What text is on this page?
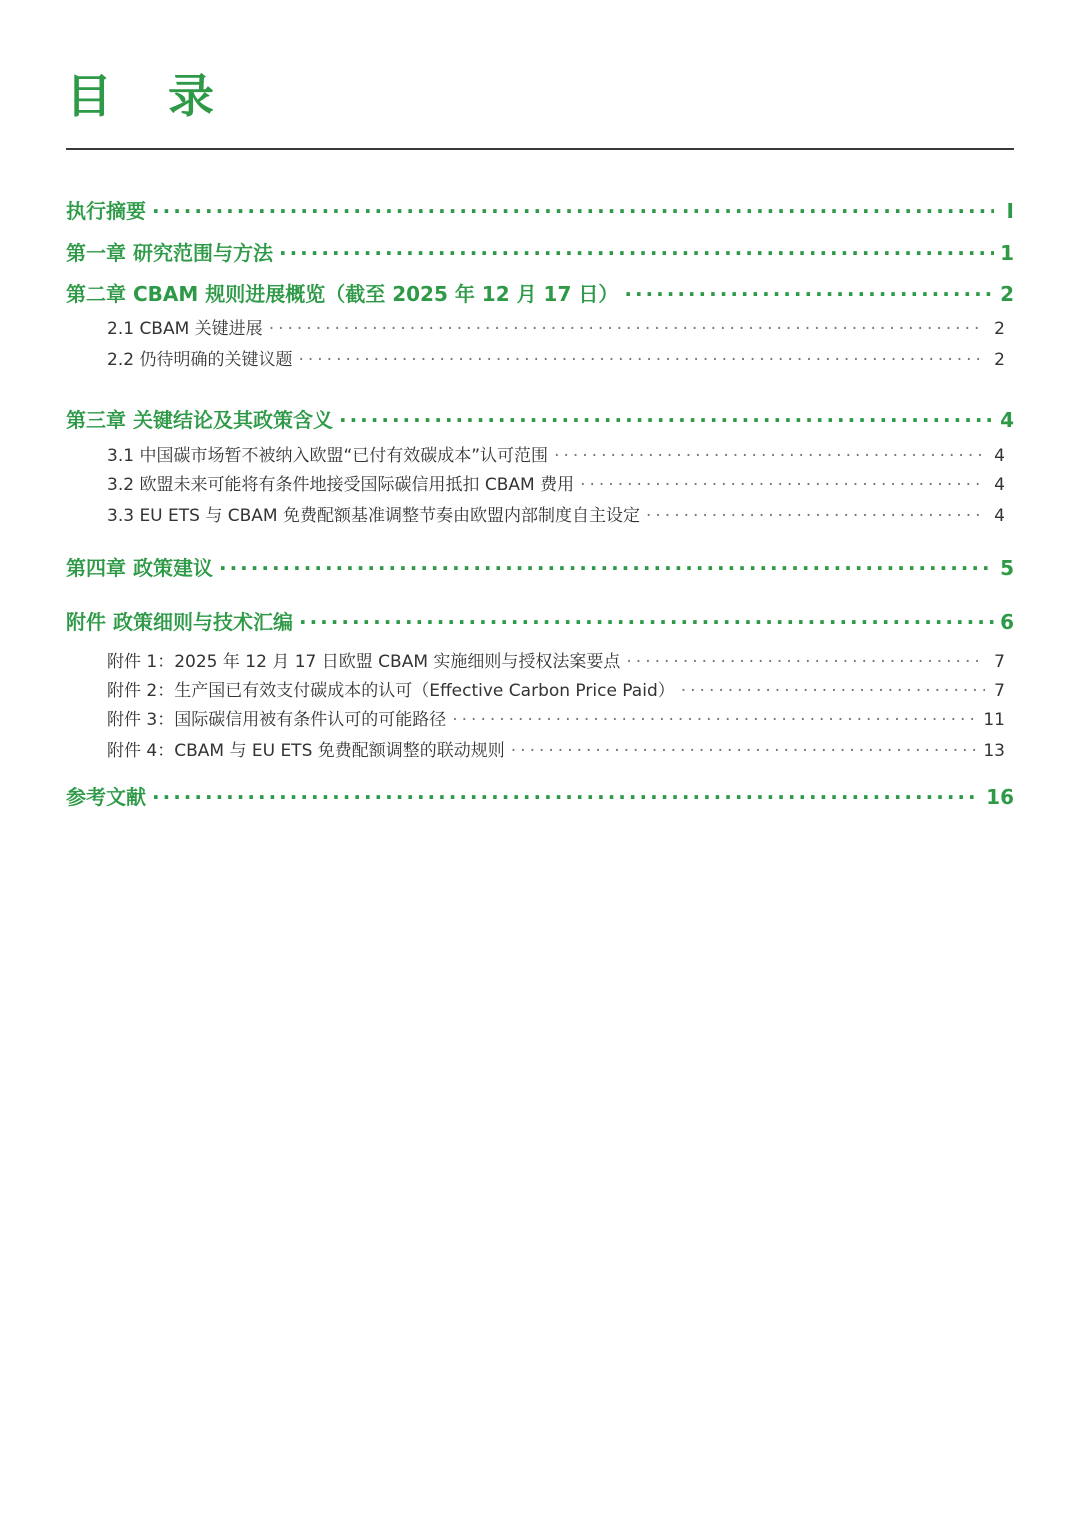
目 录
执行摘要 ·····	I
第一章 研究范围与方法 ·····	1
第二章 CBAM 规则进展概览（截至 2025 年 12 月 17 日） ·····	2
2.1 CBAM 关键进展 ·····	2
2.2 仍待明确的关键议题 ·····	2
第三章 关键结论及其政策含义 ·····	4
3.1 中国碳市场暂不被纳入欧盟“已付有效碳成本”认可范围 ·····	4
3.2 欧盟未来可能将有条件地接受国际碳信用抵扣 CBAM 费用 ·····	4
3.3 EU ETS 与 CBAM 免费配额基准调整节奏由欧盟内部制度自主设定 ·····	4
第四章 政策建议 ·····	5
附件 政策细则与技术汇编 ·····	6
附件 1：2025 年 12 月 17 日欧盟 CBAM 实施细则与授权法案要点 ·····	7
附件 2：生产国已有效支付碳成本的认可（Effective Carbon Price Paid） ·····	7
附件 3：国际碳信用被有条件认可的可能路径 ·····	11
附件 4：CBAM 与 EU ETS 免费配额调整的联动规则 ·····	13
参考文献 ·····	16
